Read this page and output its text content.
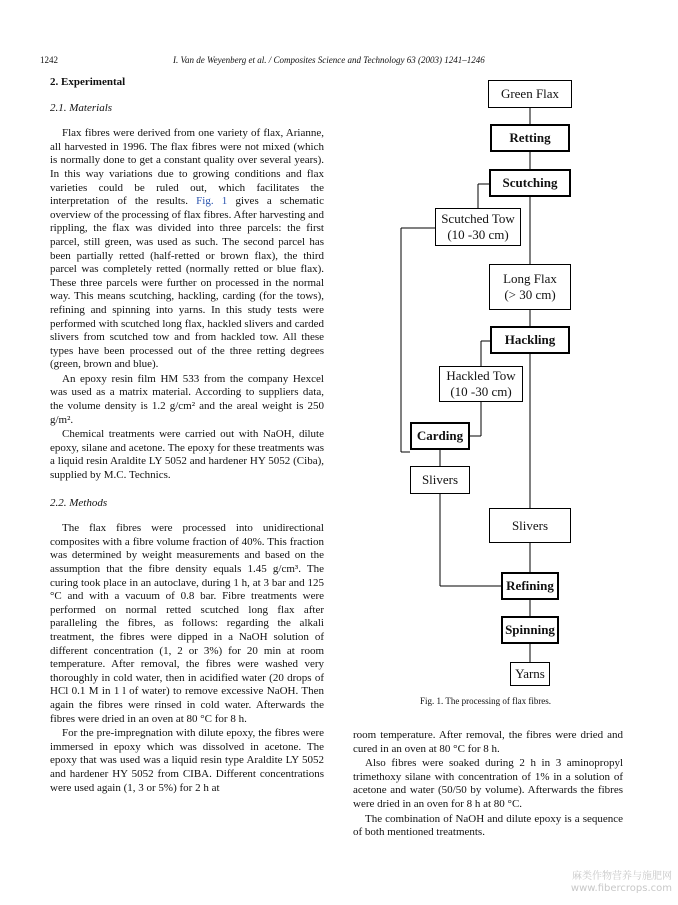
1242	I. Van de Weyenberg et al. / Composites Science and Technology 63 (2003) 1241–1246
2. Experimental
2.1. Materials

Flax fibres were derived from one variety of flax, Arianne, all harvested in 1996. The flax fibres were not mixed (which is normally done to get a constant quality over several years). In this way variations due to growing conditions and flax varieties could be ruled out, which facilitates the interpretation of the results. Fig. 1 gives a schematic overview of the processing of flax fibres. After harvesting and rippling, the flax was divided into three parcels: the first parcel, still green, was used as such. The second parcel has been partially retted (half-retted or brown flax), the third parcel was completely retted (normally retted or blue flax). These three parcels were further on processed in the normal way. This means scutching, hackling, carding (for the tows), refining and spinning into yarns. In this study tests were performed with scutched long flax, hackled slivers and carded slivers from scutched tow and from hackled tow. All these types have been processed out of the three retting degrees (green, brown and blue).

An epoxy resin film HM 533 from the company Hexcel was used as a matrix material. According to suppliers data, the volume density is 1.2 g/cm² and the areal weight is 250 g/m².

Chemical treatments were carried out with NaOH, dilute epoxy, silane and acetone. The epoxy for these treatments was a liquid resin Araldite LY 5052 and hardener HY 5052 (Ciba), supplied by M.C. Technics.

2.2. Methods

The flax fibres were processed into unidirectional composites with a fibre volume fraction of 40%. This fraction was determined by weight measurements and based on the assumption that the fibre density equals 1.45 g/cm³. The curing took place in an autoclave, during 1 h, at 3 bar and 125 °C and with a vacuum of 0.8 bar. Fibre treatments were performed on normal retted scutched long flax after paralleling the fibres, as follows: regarding the alkali treatment, the fibres were dipped in a NaOH solution of different concentration (1, 2 or 3%) for 20 min at room temperature. After removal, the fibres were washed very thoroughly in cold water, then in acidified water (20 drops of HCl 0.1 M in 1 l of water) to remove excessive NaOH. Then again the fibres were rinsed in cold water. Afterwards the fibres were dried in an oven at 80 °C for 8 h.

For the pre-impregnation with dilute epoxy, the fibres were immersed in epoxy which was dissolved in acetone. The epoxy that was used was a liquid resin type Araldite LY 5052 and hardener HY 5052 from CIBA. Different concentrations were used again (1, 3 or 5%) for 2 h at

Green Flax
Retting
Scutching
Scutched Tow
(10 -30 cm)
Long Flax
(> 30 cm)
Hackling
Hackled Tow
(10 -30 cm)
Carding
Slivers
Slivers
Refining
Spinning
Yarns
Fig. 1. The processing of flax fibres.

room temperature. After removal, the fibres were dried and cured in an oven at 80 °C for 8 h.

Also fibres were soaked during 2 h in 3 aminopropyl trimethoxy silane with concentration of 1% in a solution of acetone and water (50/50 by volume). Afterwards the fibres were dried in an oven for 8 h at 80 °C.

The combination of NaOH and dilute epoxy is a sequence of both mentioned treatments.

麻类作物营养与施肥网
www.fibercrops.com
